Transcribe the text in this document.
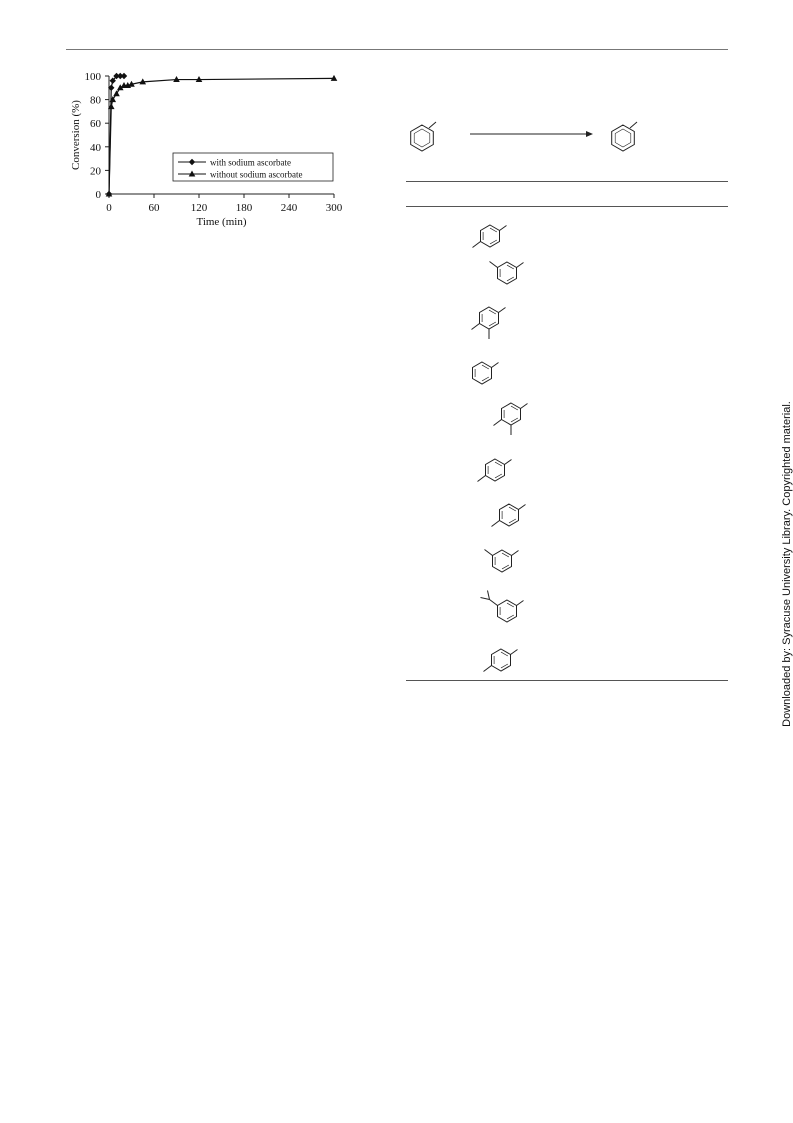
0	60	120	180	240	300
0
20
40
60
80
100
with sodium ascorbate
without sodium ascorbate
Time (min)
Conversion (%)
Downloaded by: Syracuse University Library. Copyrighted material.
